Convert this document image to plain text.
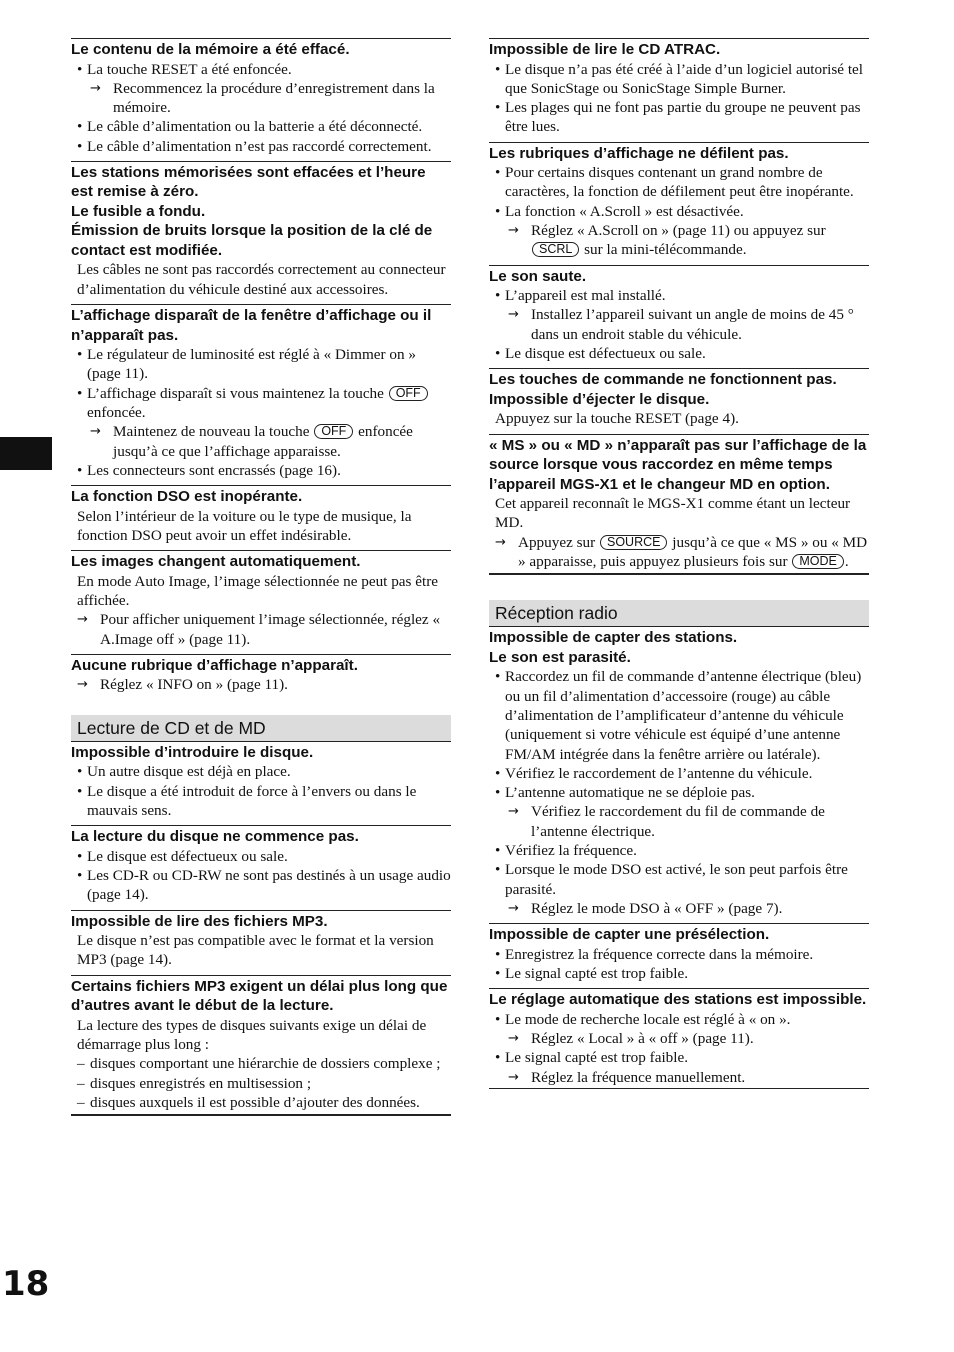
Le contenu de la mémoire a été effacé.
• La touche RESET a été enfoncée.
→ Recommencez la procédure d’enregistrement dans la mémoire.
• Le câble d’alimentation ou la batterie a été déconnecté.
• Le câble d’alimentation n’est pas raccordé correctement.
Les stations mémorisées sont effacées et l’heure est remise à zéro.
Le fusible a fondu.
Émission de bruits lorsque la position de la clé de contact est modifiée.
Les câbles ne sont pas raccordés correctement au connecteur d’alimentation du véhicule destiné aux accessoires.
L’affichage disparaît de la fenêtre d’affichage ou il n’apparaît pas.
• Le régulateur de luminosité est réglé à « Dimmer on » (page 11).
• L’affichage disparaît si vous maintenez la touche OFF enfoncée.
→ Maintenez de nouveau la touche OFF enfoncée jusqu’à ce que l’affichage apparaisse.
• Les connecteurs sont encrassés (page 16).
La fonction DSO est inopérante.
Selon l’intérieur de la voiture ou le type de musique, la fonction DSO peut avoir un effet indésirable.
Les images changent automatiquement.
En mode Auto Image, l’image sélectionnée ne peut pas être affichée.
→ Pour afficher uniquement l’image sélectionnée, réglez « A.Image off » (page 11).
Aucune rubrique d’affichage n’apparaît.
→ Réglez « INFO on » (page 11).
Lecture de CD et de MD
Impossible d’introduire le disque.
• Un autre disque est déjà en place.
• Le disque a été introduit de force à l’envers ou dans le mauvais sens.
La lecture du disque ne commence pas.
• Le disque est défectueux ou sale.
• Les CD-R ou CD-RW ne sont pas destinés à un usage audio (page 14).
Impossible de lire des fichiers MP3.
Le disque n’est pas compatible avec le format et la version MP3 (page 14).
Certains fichiers MP3 exigent un délai plus long que d’autres avant le début de la lecture.
La lecture des types de disques suivants exige un délai de démarrage plus long :
– disques comportant une hiérarchie de dossiers complexe ;
– disques enregistrés en multisession ;
– disques auxquels il est possible d’ajouter des données.
Impossible de lire le CD ATRAC.
• Le disque n’a pas été créé à l’aide d’un logiciel autorisé tel que SonicStage ou SonicStage Simple Burner.
• Les plages qui ne font pas partie du groupe ne peuvent pas être lues.
Les rubriques d’affichage ne défilent pas.
• Pour certains disques contenant un grand nombre de caractères, la fonction de défilement peut être inopérante.
• La fonction « A.Scroll » est désactivée.
→ Réglez « A.Scroll on » (page 11) ou appuyez sur SCRL sur la mini-télécommande.
Le son saute.
• L’appareil est mal installé.
→ Installez l’appareil suivant un angle de moins de 45 ° dans un endroit stable du véhicule.
• Le disque est défectueux ou sale.
Les touches de commande ne fonctionnent pas.
Impossible d’éjecter le disque.
Appuyez sur la touche RESET (page 4).
« MS » ou « MD » n’apparaît pas sur l’affichage de la source lorsque vous raccordez en même temps l’appareil MGS-X1 et le changeur MD en option.
Cet appareil reconnaît le MGS-X1 comme étant un lecteur MD.
→ Appuyez sur SOURCE jusqu’à ce que « MS » ou « MD » apparaisse, puis appuyez plusieurs fois sur MODE .
Réception radio
Impossible de capter des stations.
Le son est parasité.
• Raccordez un fil de commande d’antenne électrique (bleu) ou un fil d’alimentation d’accessoire (rouge) au câble d’alimentation de l’amplificateur d’antenne du véhicule (uniquement si votre véhicule est équipé d’une antenne FM/AM intégrée dans la fenêtre arrière ou latérale).
• Vérifiez le raccordement de l’antenne du véhicule.
• L’antenne automatique ne se déploie pas.
→ Vérifiez le raccordement du fil de commande de l’antenne électrique.
• Vérifiez la fréquence.
• Lorsque le mode DSO est activé, le son peut parfois être parasité.
→ Réglez le mode DSO à « OFF » (page 7).
Impossible de capter une présélection.
• Enregistrez la fréquence correcte dans la mémoire.
• Le signal capté est trop faible.
Le réglage automatique des stations est impossible.
• Le mode de recherche locale est réglé à « on ».
→ Réglez « Local » à « off » (page 11).
• Le signal capté est trop faible.
→ Réglez la fréquence manuellement.
18
